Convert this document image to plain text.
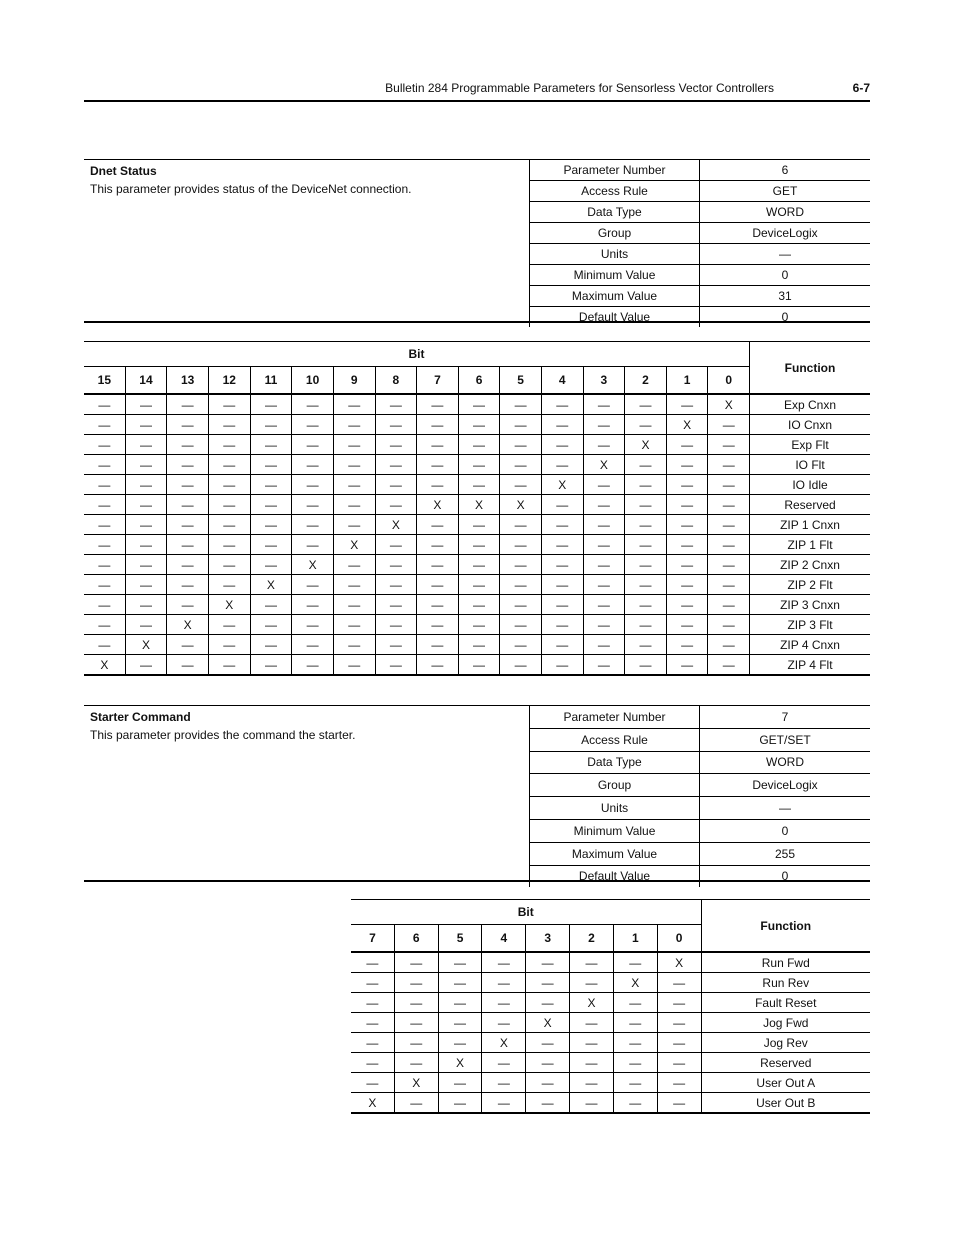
Bulletin 284 Programmable Parameters for Sensorless Vector Controllers	6-7
Dnet Status
This parameter provides status of the DeviceNet connection.
Parameter Number	6
Access Rule	GET
Data Type	WORD
Group	DeviceLogix
Units	—
Minimum Value	0
Maximum Value	31
Default Value	0
Bit																Function
15	14	13	12	11	10	9	8	7	6	5	4	3	2	1	0	
—	—	—	—	—	—	—	—	—	—	—	—	—	—	—	X	Exp Cnxn
—	—	—	—	—	—	—	—	—	—	—	—	—	—	X	—	IO Cnxn
—	—	—	—	—	—	—	—	—	—	—	—	—	X	—	—	Exp Flt
—	—	—	—	—	—	—	—	—	—	—	—	X	—	—	—	IO Flt
—	—	—	—	—	—	—	—	—	—	—	X	—	—	—	—	IO Idle
—	—	—	—	—	—	—	—	X	X	X	—	—	—	—	—	Reserved
—	—	—	—	—	—	—	X	—	—	—	—	—	—	—	—	ZIP 1 Cnxn
—	—	—	—	—	—	X	—	—	—	—	—	—	—	—	—	ZIP 1 Flt
—	—	—	—	—	X	—	—	—	—	—	—	—	—	—	—	ZIP 2 Cnxn
—	—	—	—	X	—	—	—	—	—	—	—	—	—	—	—	ZIP 2 Flt
—	—	—	X	—	—	—	—	—	—	—	—	—	—	—	—	ZIP 3 Cnxn
—	—	X	—	—	—	—	—	—	—	—	—	—	—	—	—	ZIP 3 Flt
—	X	—	—	—	—	—	—	—	—	—	—	—	—	—	—	ZIP 4 Cnxn
X	—	—	—	—	—	—	—	—	—	—	—	—	—	—	—	ZIP 4 Flt
Starter Command
This parameter provides the command the starter.
Parameter Number	7
Access Rule	GET/SET
Data Type	WORD
Group	DeviceLogix
Units	—
Minimum Value	0
Maximum Value	255
Default Value	0
Bit								Function
7	6	5	4	3	2	1	0	
—	—	—	—	—	—	—	X	Run Fwd
—	—	—	—	—	—	X	—	Run Rev
—	—	—	—	—	X	—	—	Fault Reset
—	—	—	—	X	—	—	—	Jog Fwd
—	—	—	X	—	—	—	—	Jog Rev
—	—	X	—	—	—	—	—	Reserved
—	X	—	—	—	—	—	—	User Out A
X	—	—	—	—	—	—	—	User Out B
